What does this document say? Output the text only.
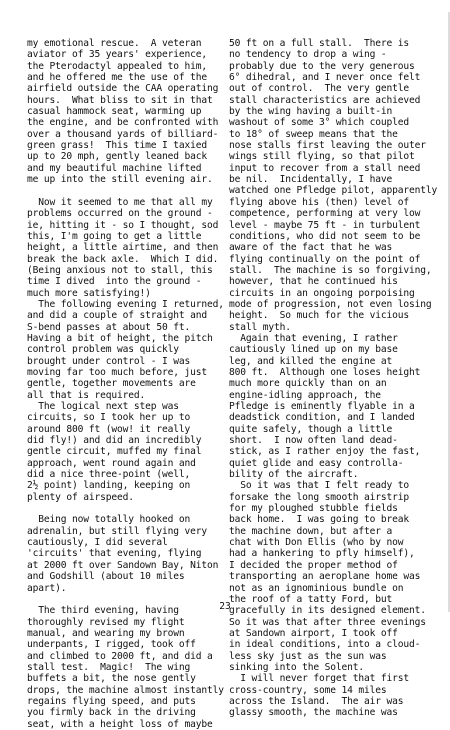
my emotional rescue.  A veteran
aviator of 35 years' experience,
the Pterodactyl appealed to him,
and he offered me the use of the
airfield outside the CAA operating
hours.  What bliss to sit in that
casual hammock seat, warming up
the engine, and be confronted with
over a thousand yards of billiard-
green grass!  This time I taxied
up to 20 mph, gently leaned back
and my beautiful machine lifted
me up into the still evening air.

Now it seemed to me that all my
problems occurred on the ground -
ie, hitting it - so I thought, sod
this, I'm going to get a little
height, a little airtime, and then
break the back axle.  Which I did.
(Being anxious not to stall, this
time I dived  into the ground -
much more satisfying!)
The following evening I returned,
and did a couple of straight and
S-bend passes at about 50 ft.
Having a bit of height, the pitch
control problem was quickly
brought under control - I was
moving far too much before, just
gentle, together movements are
all that is required.
The logical next step was
circuits, so I took her up to
around 800 ft (wow! it really
did fly!) and did an incredibly
gentle circuit, muffed my final
approach, went round again and
did a nice three-point (well,
2½ point) landing, keeping on
plenty of airspeed.

Being now totally hooked on
adrenalin, but still flying very
cautiously, I did several
'circuits' that evening, flying
at 2000 ft over Sandown Bay, Niton
and Godshill (about 10 miles
apart).

The third evening, having
thoroughly revised my flight
manual, and wearing my brown
underpants, I rigged, took off
and climbed to 2000 ft, and did a
stall test.  Magic!  The wing
buffets a bit, the nose gently
drops, the machine almost instantly
regains flying speed, and puts
you firmly back in the driving
seat, with a height loss of maybe
50 ft on a full stall.  There is
no tendency to drop a wing -
probably due to the very generous
6° dihedral, and I never once felt
out of control.  The very gentle
stall characteristics are achieved
by the wing having a built-in
washout of some 3° which coupled
to 18° of sweep means that the
nose stalls first leaving the outer
wings still flying, so that pilot
input to recover from a stall need
be nil.  Incidentally, I have
watched one Pfledge pilot, apparently
flying above his (then) level of
competence, performing at very low
level - maybe 75 ft - in turbulent
conditions, who did not seem to be
aware of the fact that he was
flying continually on the point of
stall.  The machine is so forgiving,
however, that he continued his
circuits in an ongoing porpoising
mode of progression, not even losing
height.  So much for the vicious
stall myth.
Again that evening, I rather
cautiously lined up on my base
leg, and killed the engine at
800 ft.  Although one loses height
much more quickly than on an
engine-idling approach, the
Pfledge is eminently flyable in a
deadstick condition, and I landed
quite safely, though a little
short.  I now often land dead-
stick, as I rather enjoy the fast,
quiet glide and easy controlla-
bility of the aircraft.
So it was that I felt ready to
forsake the long smooth airstrip
for my ploughed stubble fields
back home.  I was going to break
the machine down, but after a
chat with Don Ellis (who by now
had a hankering to pfly himself),
I decided the proper method of
transporting an aeroplane home was
not as an ignominious bundle on
the roof of a tatty Ford, but
gracefully in its designed element.
So it was that after three evenings
at Sandown airport, I took off
in ideal conditions, into a cloud-
less sky just as the sun was
sinking into the Solent.
I will never forget that first
cross-country, some 14 miles
across the Island.  The air was
glassy smooth, the machine was
23
